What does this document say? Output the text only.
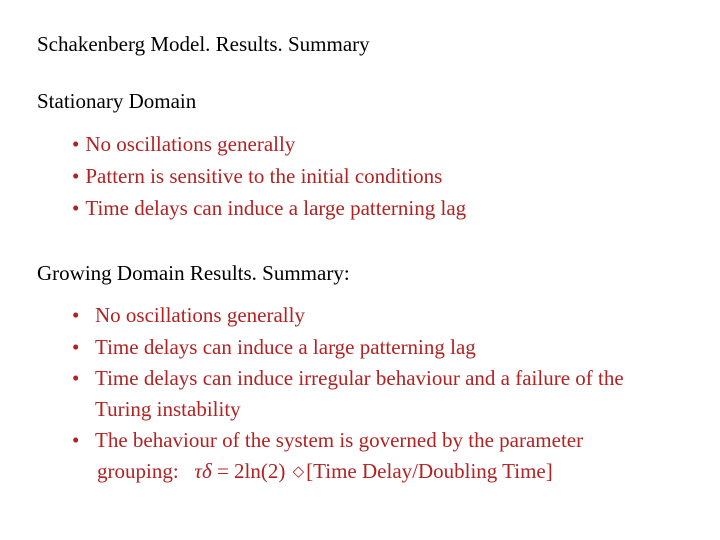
Schakenberg Model. Results. Summary
Stationary Domain
• No oscillations generally
• Pattern is sensitive to the initial conditions
• Time delays can induce a large patterning lag
Growing Domain Results. Summary:
• No oscillations generally
• Time delays can induce a large patterning lag
• Time delays can induce irregular behaviour and a failure of the
Turing instability
• The behaviour of the system is governed by the parameter
grouping:   τδ = 2ln(2) ◇[Time Delay/Doubling Time]
